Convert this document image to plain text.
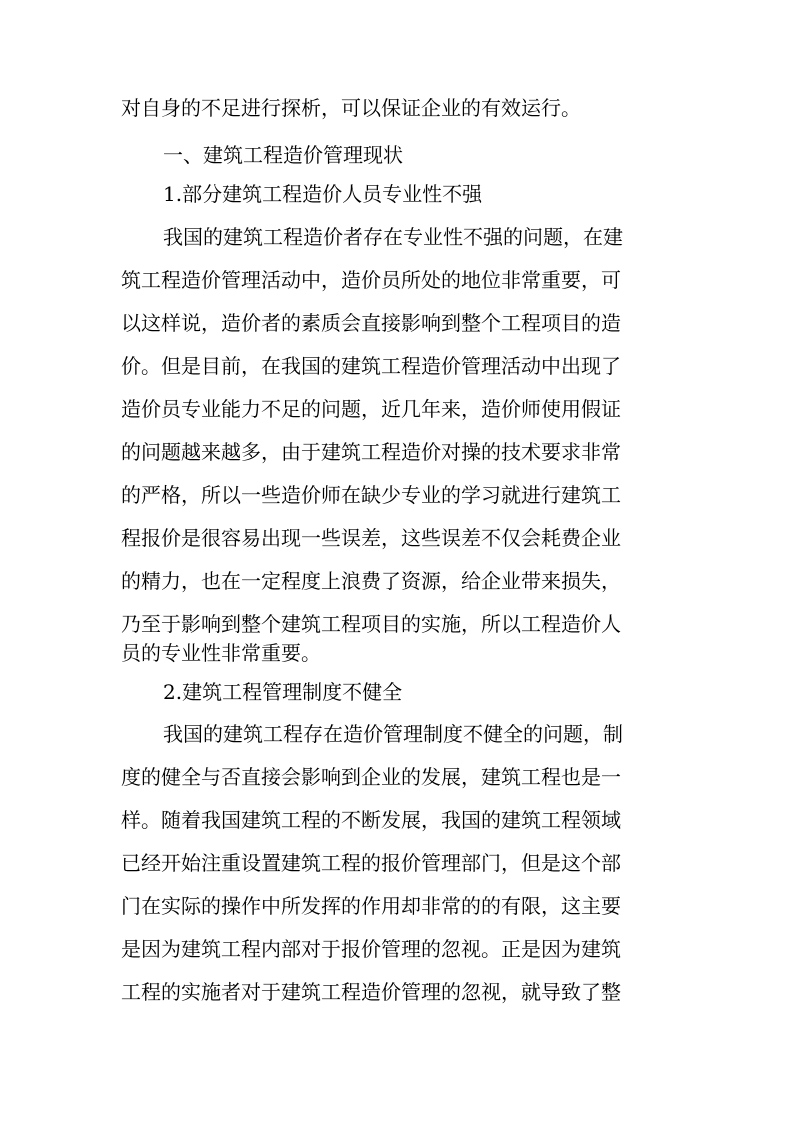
对自身的不足进行探析，可以保证企业的有效运行。
一、建筑工程造价管理现状
1.部分建筑工程造价人员专业性不强
我国的建筑工程造价者存在专业性不强的问题，在建
筑工程造价管理活动中，造价员所处的地位非常重要，可
以这样说，造价者的素质会直接影响到整个工程项目的造
价。但是目前，在我国的建筑工程造价管理活动中出现了
造价员专业能力不足的问题，近几年来，造价师使用假证
的问题越来越多，由于建筑工程造价对操的技术要求非常
的严格，所以一些造价师在缺少专业的学习就进行建筑工
程报价是很容易出现一些误差，这些误差不仅会耗费企业
的精力，也在一定程度上浪费了资源，给企业带来损失，
乃至于影响到整个建筑工程项目的实施，所以工程造价人
员的专业性非常重要。
2.建筑工程管理制度不健全
我国的建筑工程存在造价管理制度不健全的问题，制
度的健全与否直接会影响到企业的发展，建筑工程也是一
样。随着我国建筑工程的不断发展，我国的建筑工程领域
已经开始注重设置建筑工程的报价管理部门，但是这个部
门在实际的操作中所发挥的作用却非常的的有限，这主要
是因为建筑工程内部对于报价管理的忽视。正是因为建筑
工程的实施者对于建筑工程造价管理的忽视，就导致了整
